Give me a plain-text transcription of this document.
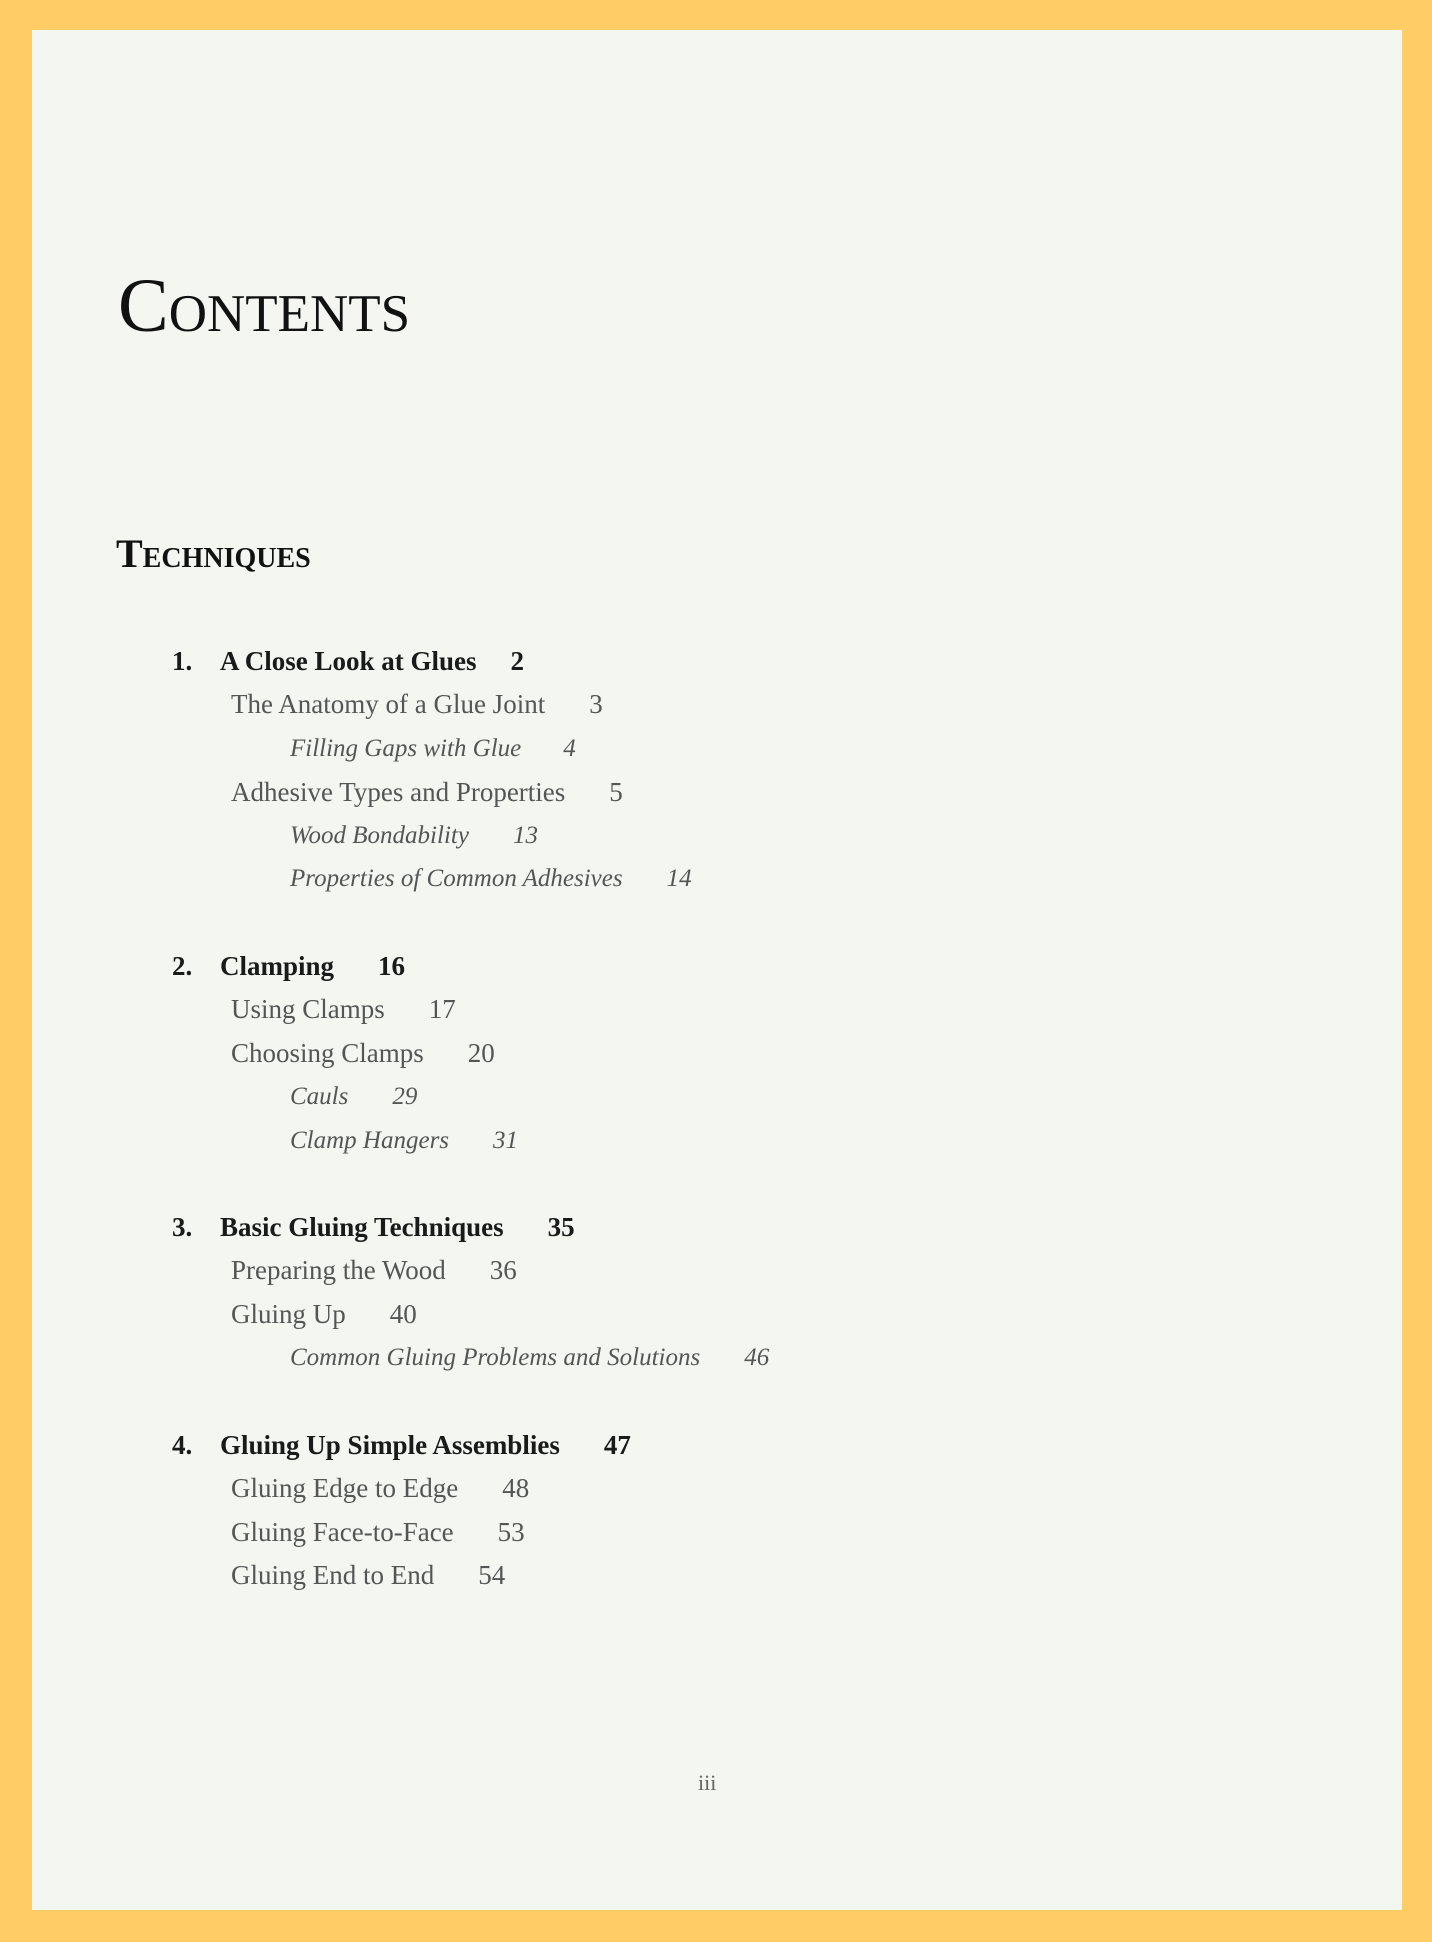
Contents
Techniques
1. A Close Look at Glues 2
The Anatomy of a Glue Joint 3
Filling Gaps with Glue 4
Adhesive Types and Properties 5
Wood Bondability 13
Properties of Common Adhesives 14
2. Clamping 16
Using Clamps 17
Choosing Clamps 20
Cauls 29
Clamp Hangers 31
3. Basic Gluing Techniques 35
Preparing the Wood 36
Gluing Up 40
Common Gluing Problems and Solutions 46
4. Gluing Up Simple Assemblies 47
Gluing Edge to Edge 48
Gluing Face-to-Face 53
Gluing End to End 54
iii
